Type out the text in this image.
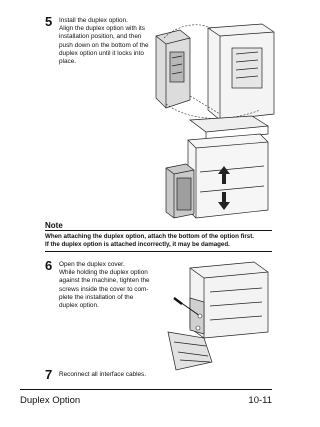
5 Install the duplex option.
Align the duplex option with its
installation position, and then
push down on the bottom of the
duplex option until it locks into
place.
Note
When attaching the duplex option, attach the bottom of the option first.
If the duplex option is attached incorrectly, it may be damaged.
6 Open the duplex cover.
While holding the duplex option
against the machine, tighten the
screws inside the cover to com-
plete the installation of the
duplex option.
7 Reconnect all interface cables.
Duplex Option	10-11
